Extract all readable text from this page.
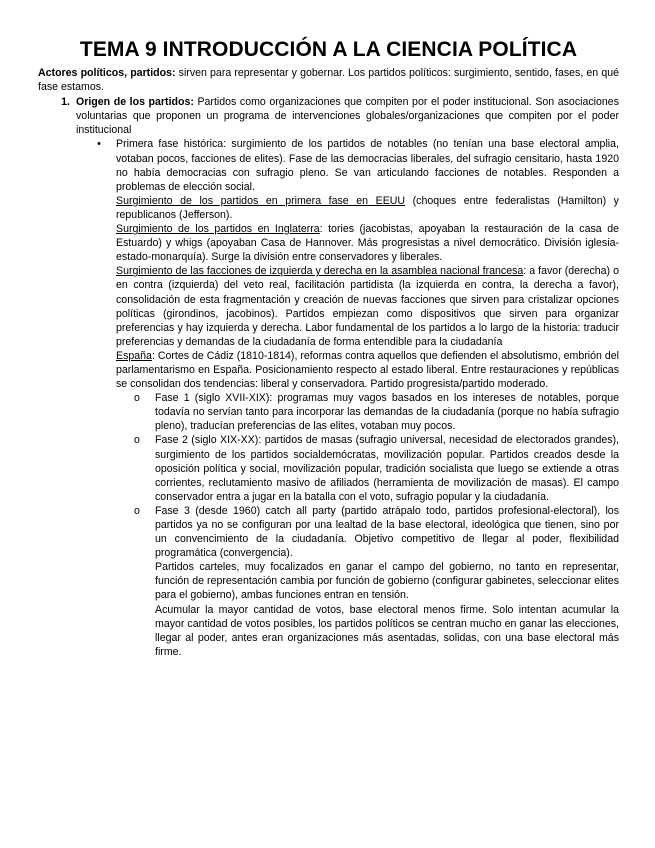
TEMA 9 INTRODUCCIÓN A LA CIENCIA POLÍTICA

Actores políticos, partidos: sirven para representar y gobernar. Los partidos políticos: surgimiento, sentido, fases, en qué fase estamos.

1. Origen de los partidos: Partidos como organizaciones que compiten por el poder institucional. Son asociaciones voluntarias que proponen un programa de intervenciones globales/organizaciones que compiten por el poder institucional

•	Primera fase histórica: surgimiento de los partidos de notables (no tenían una base electoral amplia, votaban pocos, facciones de elites). Fase de las democracias liberales, del sufragio censitario, hasta 1920 no había democracias con sufragio pleno. Se van articulando facciones de notables. Responden a problemas de elección social.

Surgimiento de los partidos en primera fase en EEUU (choques entre federalistas (Hamilton) y republicanos (Jefferson).

Surgimiento de los partidos en Inglaterra: tories (jacobistas, apoyaban la restauración de la casa de Estuardo) y whigs (apoyaban Casa de Hannover. Más progresistas a nivel democrático. División iglesia- estado-monarquía). Surge la división entre conservadores y liberales.

Surgimiento de las facciones de izquierda y derecha en la asamblea nacional francesa: a favor (derecha) o en contra (izquierda) del veto real, facilitación partidista (la izquierda en contra, la derecha a favor), consolidación de esta fragmentación y creación de nuevas facciones que sirven para cristalizar opciones políticas (girondinos, jacobinos). Partidos empiezan como dispositivos que sirven para organizar preferencias y hay izquierda y derecha. Labor fundamental de los partidos a lo largo de la historia: traducir preferencias y demandas de la ciudadanía de forma entendible para la ciudadanía

España: Cortes de Cádiz (1810-1814), reformas contra aquellos que defienden el absolutismo, embrión del parlamentarismo en España. Posicionamiento respecto al estado liberal. Entre restauraciones y repúblicas se consolidan dos tendencias: liberal y conservadora. Partido progresista/partido moderado.

o	Fase 1 (siglo XVII-XIX): programas muy vagos basados en los intereses de notables, porque todavía no servían tanto para incorporar las demandas de la ciudadanía (porque no había sufragio pleno), traducían preferencias de las elites, votaban muy pocos.

o	Fase 2 (siglo XIX-XX): partidos de masas (sufragio universal, necesidad de electorados grandes), surgimiento de los partidos socialdemócratas, movilización popular. Partidos creados desde la oposición política y social, movilización popular, tradición socialista que luego se extiende a otras corrientes, reclutamiento masivo de afiliados (herramienta de movilización de masas). El campo conservador entra a jugar en la batalla con el voto, sufragio popular y la ciudadanía.

o	Fase 3 (desde 1960) catch all party (partido atrápalo todo, partidos profesional-electoral), los partidos ya no se configuran por una lealtad de la base electoral, ideológica que tienen, sino por un convencimiento de la ciudadanía. Objetivo competitivo de llegar al poder, flexibilidad programática (convergencia).

Partidos carteles, muy focalizados en ganar el campo del gobierno, no tanto en representar, función de representación cambia por función de gobierno (configurar gabinetes, seleccionar elites para el gobierno), ambas funciones entran en tensión.

Acumular la mayor cantidad de votos, base electoral menos firme. Solo intentan acumular la mayor cantidad de votos posibles, los partidos políticos se centran mucho en ganar las elecciones, llegar al poder, antes eran organizaciones más asentadas, solidas, con una base electoral más firme.
